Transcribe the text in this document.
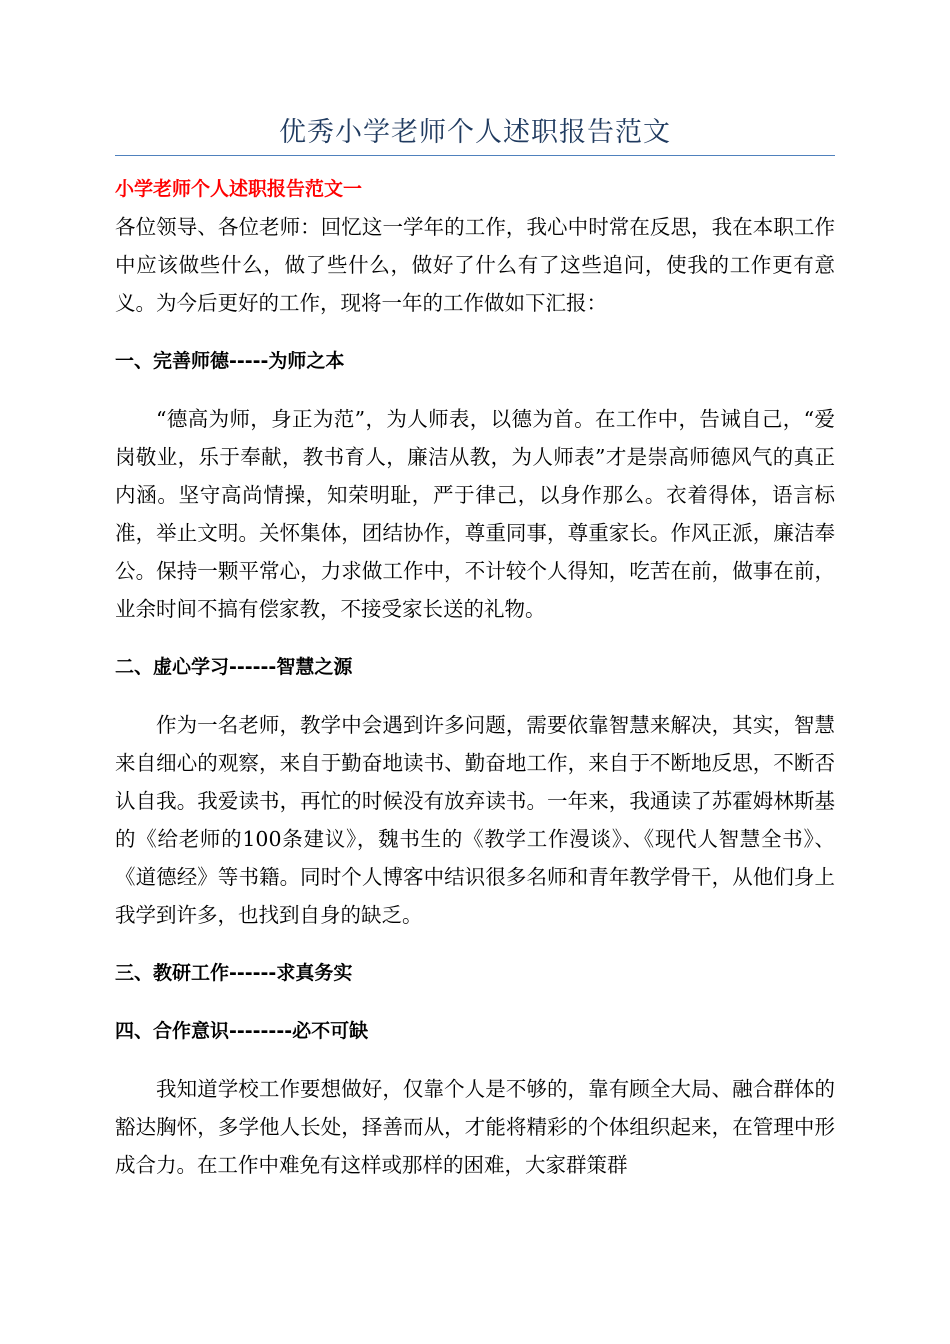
优秀小学老师个人述职报告范文

小学老师个人述职报告范文一

各位领导、各位老师：回忆这一学年的工作，我心中时常在反思，我在本职工作中应该做些什么，做了些什么，做好了什么有了这些追问，使我的工作更有意义。为今后更好的工作，现将一年的工作做如下汇报：

一、完善师德-----为师之本

“德高为师，身正为范”，为人师表，以德为首。在工作中，告诫自己，“爱岗敬业，乐于奉献，教书育人，廉洁从教，为人师表”才是崇高师德风气的真正内涵。坚守高尚情操，知荣明耻，严于律己，以身作那么。衣着得体，语言标准，举止文明。关怀集体，团结协作，尊重同事，尊重家长。作风正派，廉洁奉公。保持一颗平常心，力求做工作中，不计较个人得知，吃苦在前，做事在前，业余时间不搞有偿家教，不接受家长送的礼物。

二、虚心学习------智慧之源

作为一名老师，教学中会遇到许多问题，需要依靠智慧来解决，其实，智慧来自细心的观察，来自于勤奋地读书、勤奋地工作，来自于不断地反思，不断否认自我。我爱读书，再忙的时候没有放弃读书。一年来，我通读了苏霍姆林斯基的《给老师的100条建议》，魏书生的《教学工作漫谈》、《现代人智慧全书》、《道德经》等书籍。同时个人博客中结识很多名师和青年教学骨干，从他们身上我学到许多，也找到自身的缺乏。

三、教研工作------求真务实

四、合作意识--------必不可缺

我知道学校工作要想做好，仅靠个人是不够的，靠有顾全大局、融合群体的豁达胸怀，多学他人长处，择善而从，才能将精彩的个体组织起来，在管理中形成合力。在工作中难免有这样或那样的困难，大家群策群
